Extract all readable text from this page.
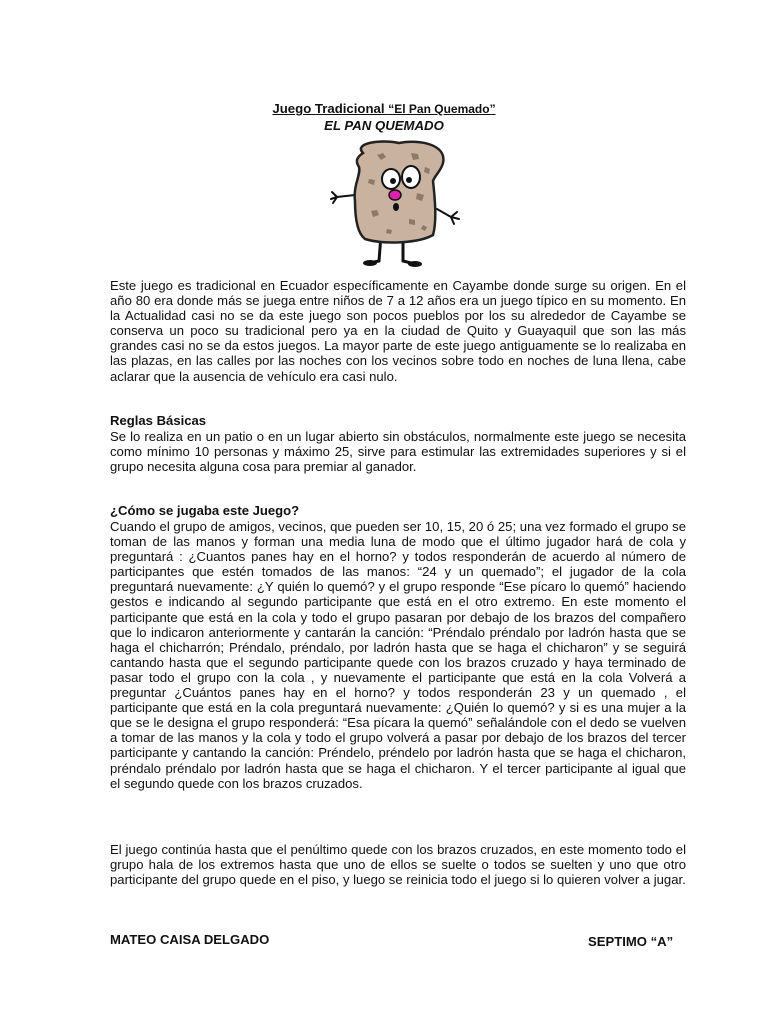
Juego Tradicional “El Pan Quemado”
EL PAN QUEMADO

Este juego es tradicional en Ecuador específicamente en Cayambe donde surge su origen. En el año 80 era donde más se juega entre niños de 7 a 12 años era un juego típico en su momento. En la Actualidad casi no se da este juego son pocos pueblos por los su alrededor de Cayambe se conserva un poco su tradicional pero ya en la ciudad de Quito y Guayaquil que son las más grandes casi no se da estos juegos. La mayor parte de este juego antiguamente se lo realizaba en las plazas, en las calles por las noches con los vecinos sobre todo en noches de luna llena, cabe aclarar que la ausencia de vehículo era casi nulo.

Reglas Básicas

Se lo realiza en un patio o en un lugar abierto sin obstáculos, normalmente este juego se necesita como mínimo 10 personas y máximo 25, sirve para estimular las extremidades superiores y si el grupo necesita alguna cosa para premiar al ganador.

¿Cómo se jugaba este Juego?

Cuando el grupo de amigos, vecinos, que pueden ser 10, 15, 20 ó 25; una vez formado el grupo se toman de las manos y forman una media luna de modo que el último jugador hará de cola y preguntará : ¿Cuantos panes hay en el horno? y todos responderán de acuerdo al número de participantes que estén tomados de las manos: “24 y un quemado”; el jugador de la cola preguntará nuevamente: ¿Y quién lo quemó? y el grupo responde “Ese pícaro lo quemó” haciendo gestos e indicando al segundo participante que está en el otro extremo. En este momento el participante que está en la cola y todo el grupo pasaran por debajo de los brazos del compañero que lo indicaron anteriormente y cantarán la canción: “Préndalo préndalo por ladrón hasta que se haga el chicharrón; Préndalo, préndalo, por ladrón hasta que se haga el chicharon” y se seguirá cantando hasta que el segundo participante quede con los brazos cruzado y haya terminado de pasar todo el grupo con la cola , y nuevamente el participante que está en la cola Volverá a preguntar ¿Cuántos panes hay en el horno? y todos responderán 23 y un quemado , el participante que está en la cola preguntará nuevamente: ¿Quién lo quemó? y si es una mujer a la que se le designa el grupo responderá: “Esa pícara la quemó” señalándole con el dedo se vuelven a tomar de las manos y la cola y todo el grupo volverá a pasar por debajo de los brazos del tercer participante y cantando la canción: Préndelo, préndelo por ladrón hasta que se haga el chicharon, préndalo préndalo por ladrón hasta que se haga el chicharon. Y el tercer participante al igual que el segundo quede con los brazos cruzados.

El juego continúa hasta que el penúltimo quede con los brazos cruzados, en este momento todo el grupo hala de los extremos hasta que uno de ellos se suelte o todos se suelten y uno que otro participante del grupo quede en el piso, y luego se reinicia todo el juego si lo quieren volver a jugar.

MATEO CAISA DELGADO	SEPTIMO “A”
